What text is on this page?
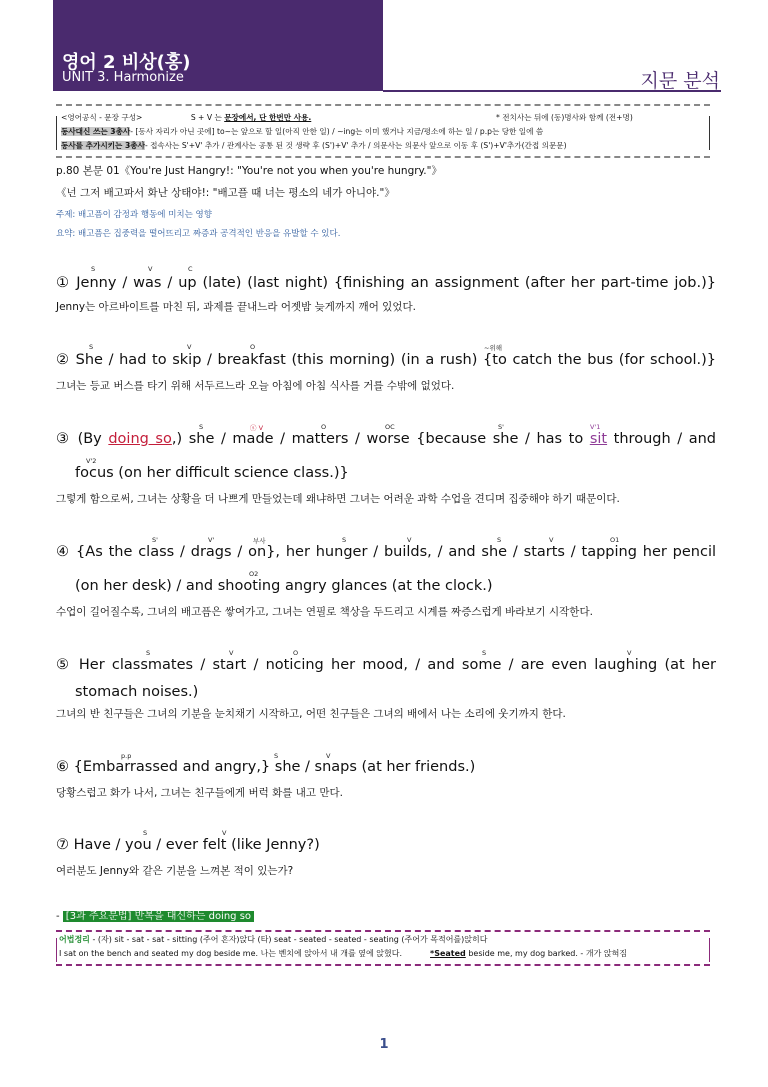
영어 2 비상(홍)
UNIT 3. Harmonize	지문 분석
<영어공식 - 문장 구성>	S + V 는 문장에서, 단 한번만 사용.	* 전치사는 뒤에 (동)명사와 함께 (전+명)
동사대신 쓰는 3총사- [동사 자리가 아닌 곳에] to~는 앞으로 할 일(아직 안한 일) / ~ing는 이미 했거나 지금/평소에 하는 일 / p.p는 당한 일에 씀
동사를 추가시키는 3총사- 접속사는 S'+V' 추가 / 관계사는 공통 된 것 생략 후 (S')+V' 추가 / 의문사는 의문사 앞으로 이동 후 (S')+V'추가(간접 의문문)
p.80 본문 01《You're Just Hangry!: "You're not you when you're hungry."》
《넌 그저 배고파서 화난 상태야!: "배고플 때 너는 평소의 네가 아니야."》
주제: 배고픔이 감정과 행동에 미치는 영향
요약: 배고픔은 집중력을 떨어뜨리고 짜증과 공격적인 반응을 유발할 수 있다.
S	V	C
① Jenny / was / up (late) (last night) {finishing an assignment (after her part-time job.)}
Jenny는 아르바이트를 마친 뒤, 과제를 끝내느라 어젯밤 늦게까지 깨어 있었다.
S	V	O	~위해
② She / had to skip / breakfast (this morning) (in a rush) {to catch the bus (for school.)}
그녀는 등교 버스를 타기 위해 서두르느라 오늘 아침에 아침 식사를 거를 수밖에 없었다.
S	ⓢ V	O	OC	S'	V'1
③ (By doing so,) she / made / matters / worse {because she / has to sit through / and
V'2
focus (on her difficult science class.)}
그렇게 함으로써, 그녀는 상황을 더 나쁘게 만들었는데 왜냐하면 그녀는 어려운 과학 수업을 견디며 집중해야 하기 때문이다.
S'	V'	부사	S	V	S	V	O1
④ {As the class / drags / on}, her hunger / builds, / and she / starts / tapping her pencil
O2
(on her desk) / and shooting angry glances (at the clock.)
수업이 길어질수록, 그녀의 배고픔은 쌓여가고, 그녀는 연필로 책상을 두드리고 시계를 짜증스럽게 바라보기 시작한다.
S	V	O	S	V
⑤ Her classmates / start / noticing her mood, / and some / are even laughing (at her
stomach noises.)
그녀의 반 친구들은 그녀의 기분을 눈치채기 시작하고, 어떤 친구들은 그녀의 배에서 나는 소리에 웃기까지 한다.
p.p	S	V
⑥ {Embarrassed and angry,} she / snaps (at her friends.)
당황스럽고 화가 나서, 그녀는 친구들에게 버럭 화를 내고 만다.
S	V
⑦ Have / you / ever felt (like Jenny?)
여러분도 Jenny와 같은 기분을 느껴본 적이 있는가?
- [3과 주요문법] 반복을 대신하는 doing so
어법정리 - (자) sit - sat - sat - sitting (주어 혼자)앉다 (타) seat - seated - seated - seating (주어가 목적어를)앉히다
I sat on the bench and seated my dog beside me. 나는 벤치에 앉아서 내 개를 옆에 앉혔다.	*Seated beside me, my dog barked. - 개가 앉혀짐
1
